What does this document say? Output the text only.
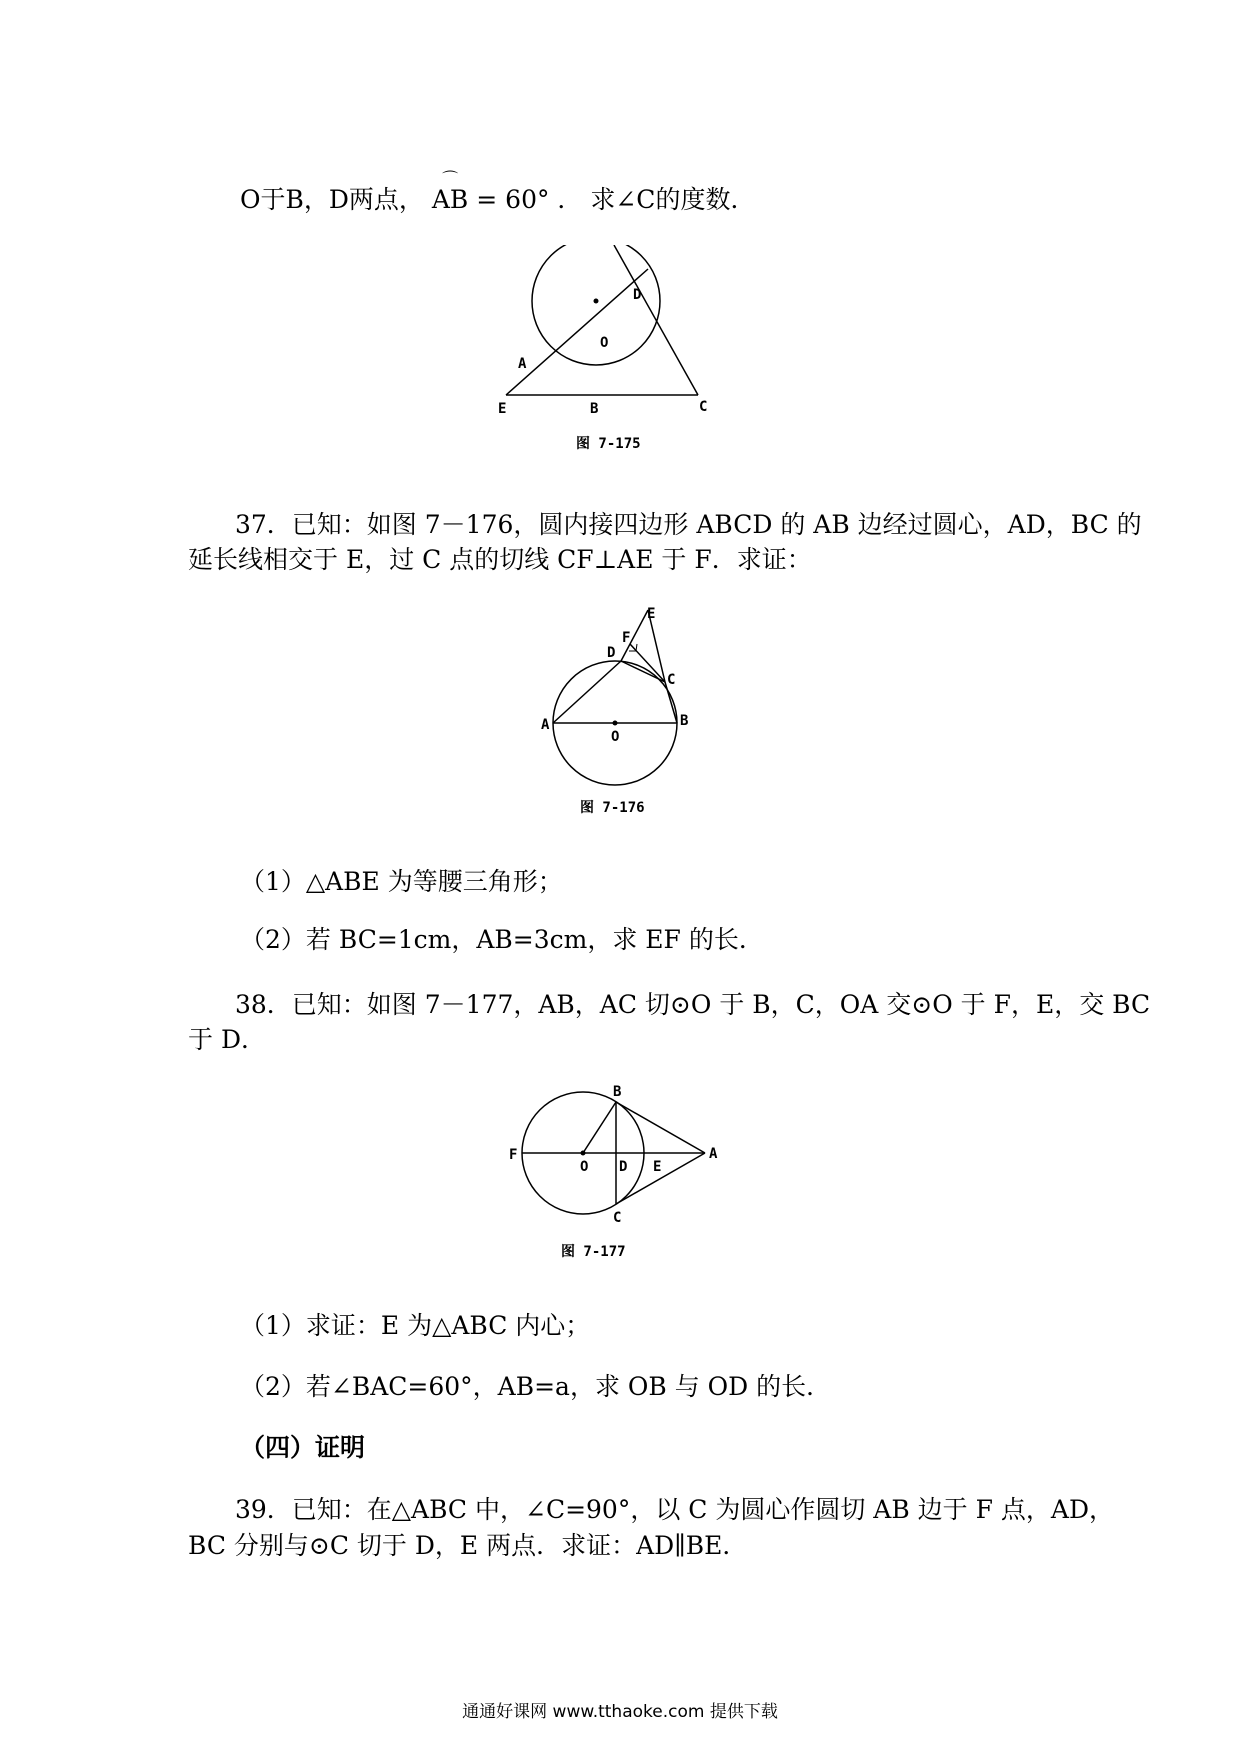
O于B，D两点，
⌒
AB = 60° ． 求∠C的度数．
O
A
D
E	B	C
图 7-175
37．已知：如图 7－176，圆内接四边形 ABCD 的 AB 边经过圆心，AD，BC 的
延长线相交于 E，过 C 点的切线 CF⊥AE 于 F．求证：
A	B
C
D
E
F
O
图 7-176
（1）△ABE 为等腰三角形；
（2）若 BC=1cm，AB=3cm，求 EF 的长．
38．已知：如图 7－177，AB，AC 切⊙O 于 B，C，OA 交⊙O 于 F，E，交 BC
于 D．
F
O D E
B
C
A
图 7-177
（1）求证：E 为△ABC 内心；
（2）若∠BAC=60°，AB=a，求 OB 与 OD 的长．
（四）证明
39．已知：在△ABC 中，∠C=90°，以 C 为圆心作圆切 AB 边于 F 点，AD，
BC 分别与⊙C 切于 D，E 两点．求证：AD∥BE．
通通好课网 www.tthaoke.com 提供下载
